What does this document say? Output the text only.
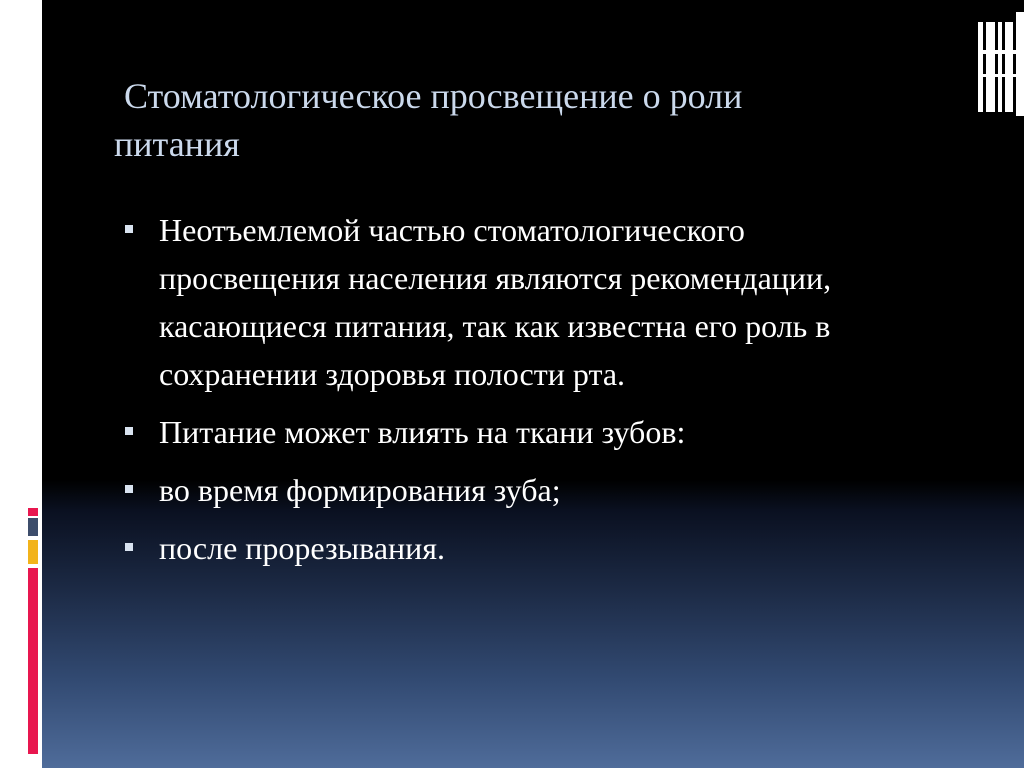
Стоматологическое просвещение о роли
питания
Неотъемлемой частью стоматологического просвещения населения являются рекомендации, касающиеся питания, так как известна его роль в сохранении здоровья полости рта.
Питание может влиять на ткани зубов:
во время формирования зуба;
после прорезывания.
